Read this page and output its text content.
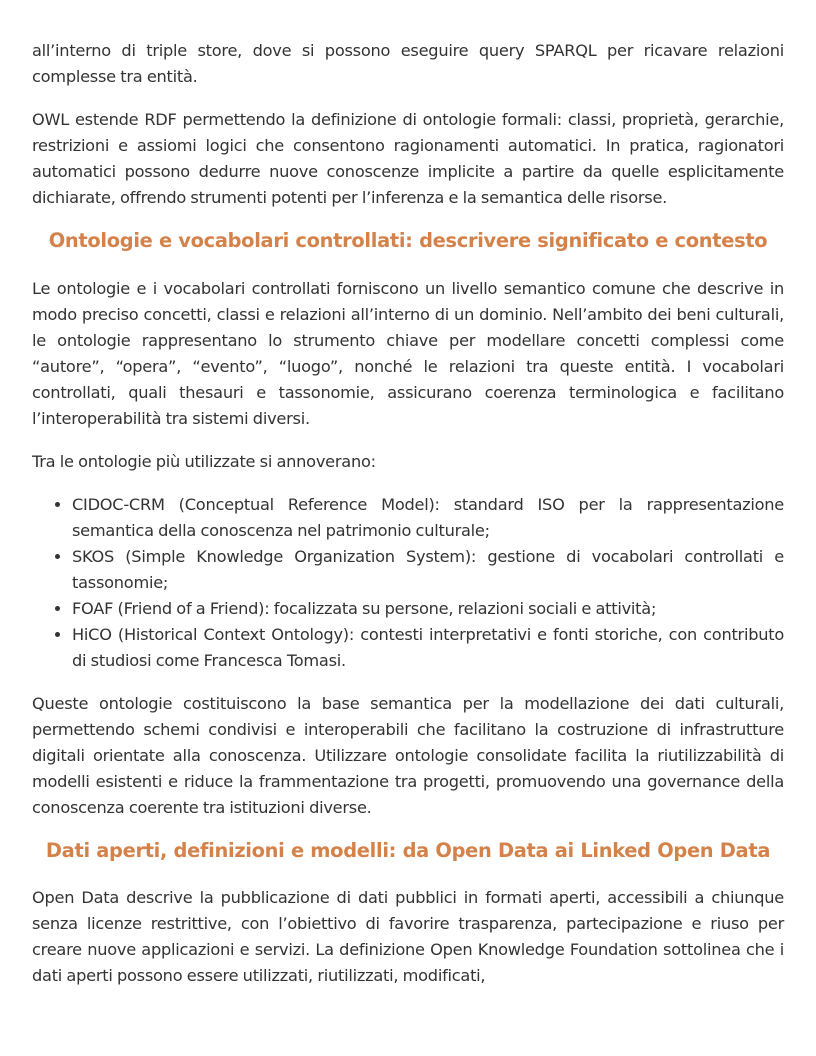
all’interno di triple store, dove si possono eseguire query SPARQL per ricavare relazioni complesse tra entità.

OWL estende RDF permettendo la definizione di ontologie formali: classi, proprietà, gerarchie, restrizioni e assiomi logici che consentono ragionamenti automatici. In pratica, ragionatori automatici possono dedurre nuove conoscenze implicite a partire da quelle esplicitamente dichiarate, offrendo strumenti potenti per l’inferenza e la semantica delle risorse.

Ontologie e vocabolari controllati: descrivere significato e contesto

Le ontologie e i vocabolari controllati forniscono un livello semantico comune che descrive in modo preciso concetti, classi e relazioni all’interno di un dominio. Nell’ambito dei beni culturali, le ontologie rappresentano lo strumento chiave per modellare concetti complessi come “autore”, “opera”, “evento”, “luogo”, nonché le relazioni tra queste entità. I vocabolari controllati, quali thesauri e tassonomie, assicurano coerenza terminologica e facilitano l’interoperabilità tra sistemi diversi.

Tra le ontologie più utilizzate si annoverano:

• CIDOC-CRM (Conceptual Reference Model): standard ISO per la rappresentazione semantica della conoscenza nel patrimonio culturale;
• SKOS (Simple Knowledge Organization System): gestione di vocabolari controllati e tassonomie;
• FOAF (Friend of a Friend): focalizzata su persone, relazioni sociali e attività;
• HiCO (Historical Context Ontology): contesti interpretativi e fonti storiche, con contributo di studiosi come Francesca Tomasi.

Queste ontologie costituiscono la base semantica per la modellazione dei dati culturali, permettendo schemi condivisi e interoperabili che facilitano la costruzione di infrastrutture digitali orientate alla conoscenza. Utilizzare ontologie consolidate facilita la riutilizzabilità di modelli esistenti e riduce la frammentazione tra progetti, promuovendo una governance della conoscenza coerente tra istituzioni diverse.

Dati aperti, definizioni e modelli: da Open Data ai Linked Open Data

Open Data descrive la pubblicazione di dati pubblici in formati aperti, accessibili a chiunque senza licenze restrittive, con l’obiettivo di favorire trasparenza, partecipazione e riuso per creare nuove applicazioni e servizi. La definizione Open Knowledge Foundation sottolinea che i dati aperti possono essere utilizzati, riutilizzati, modificati,
